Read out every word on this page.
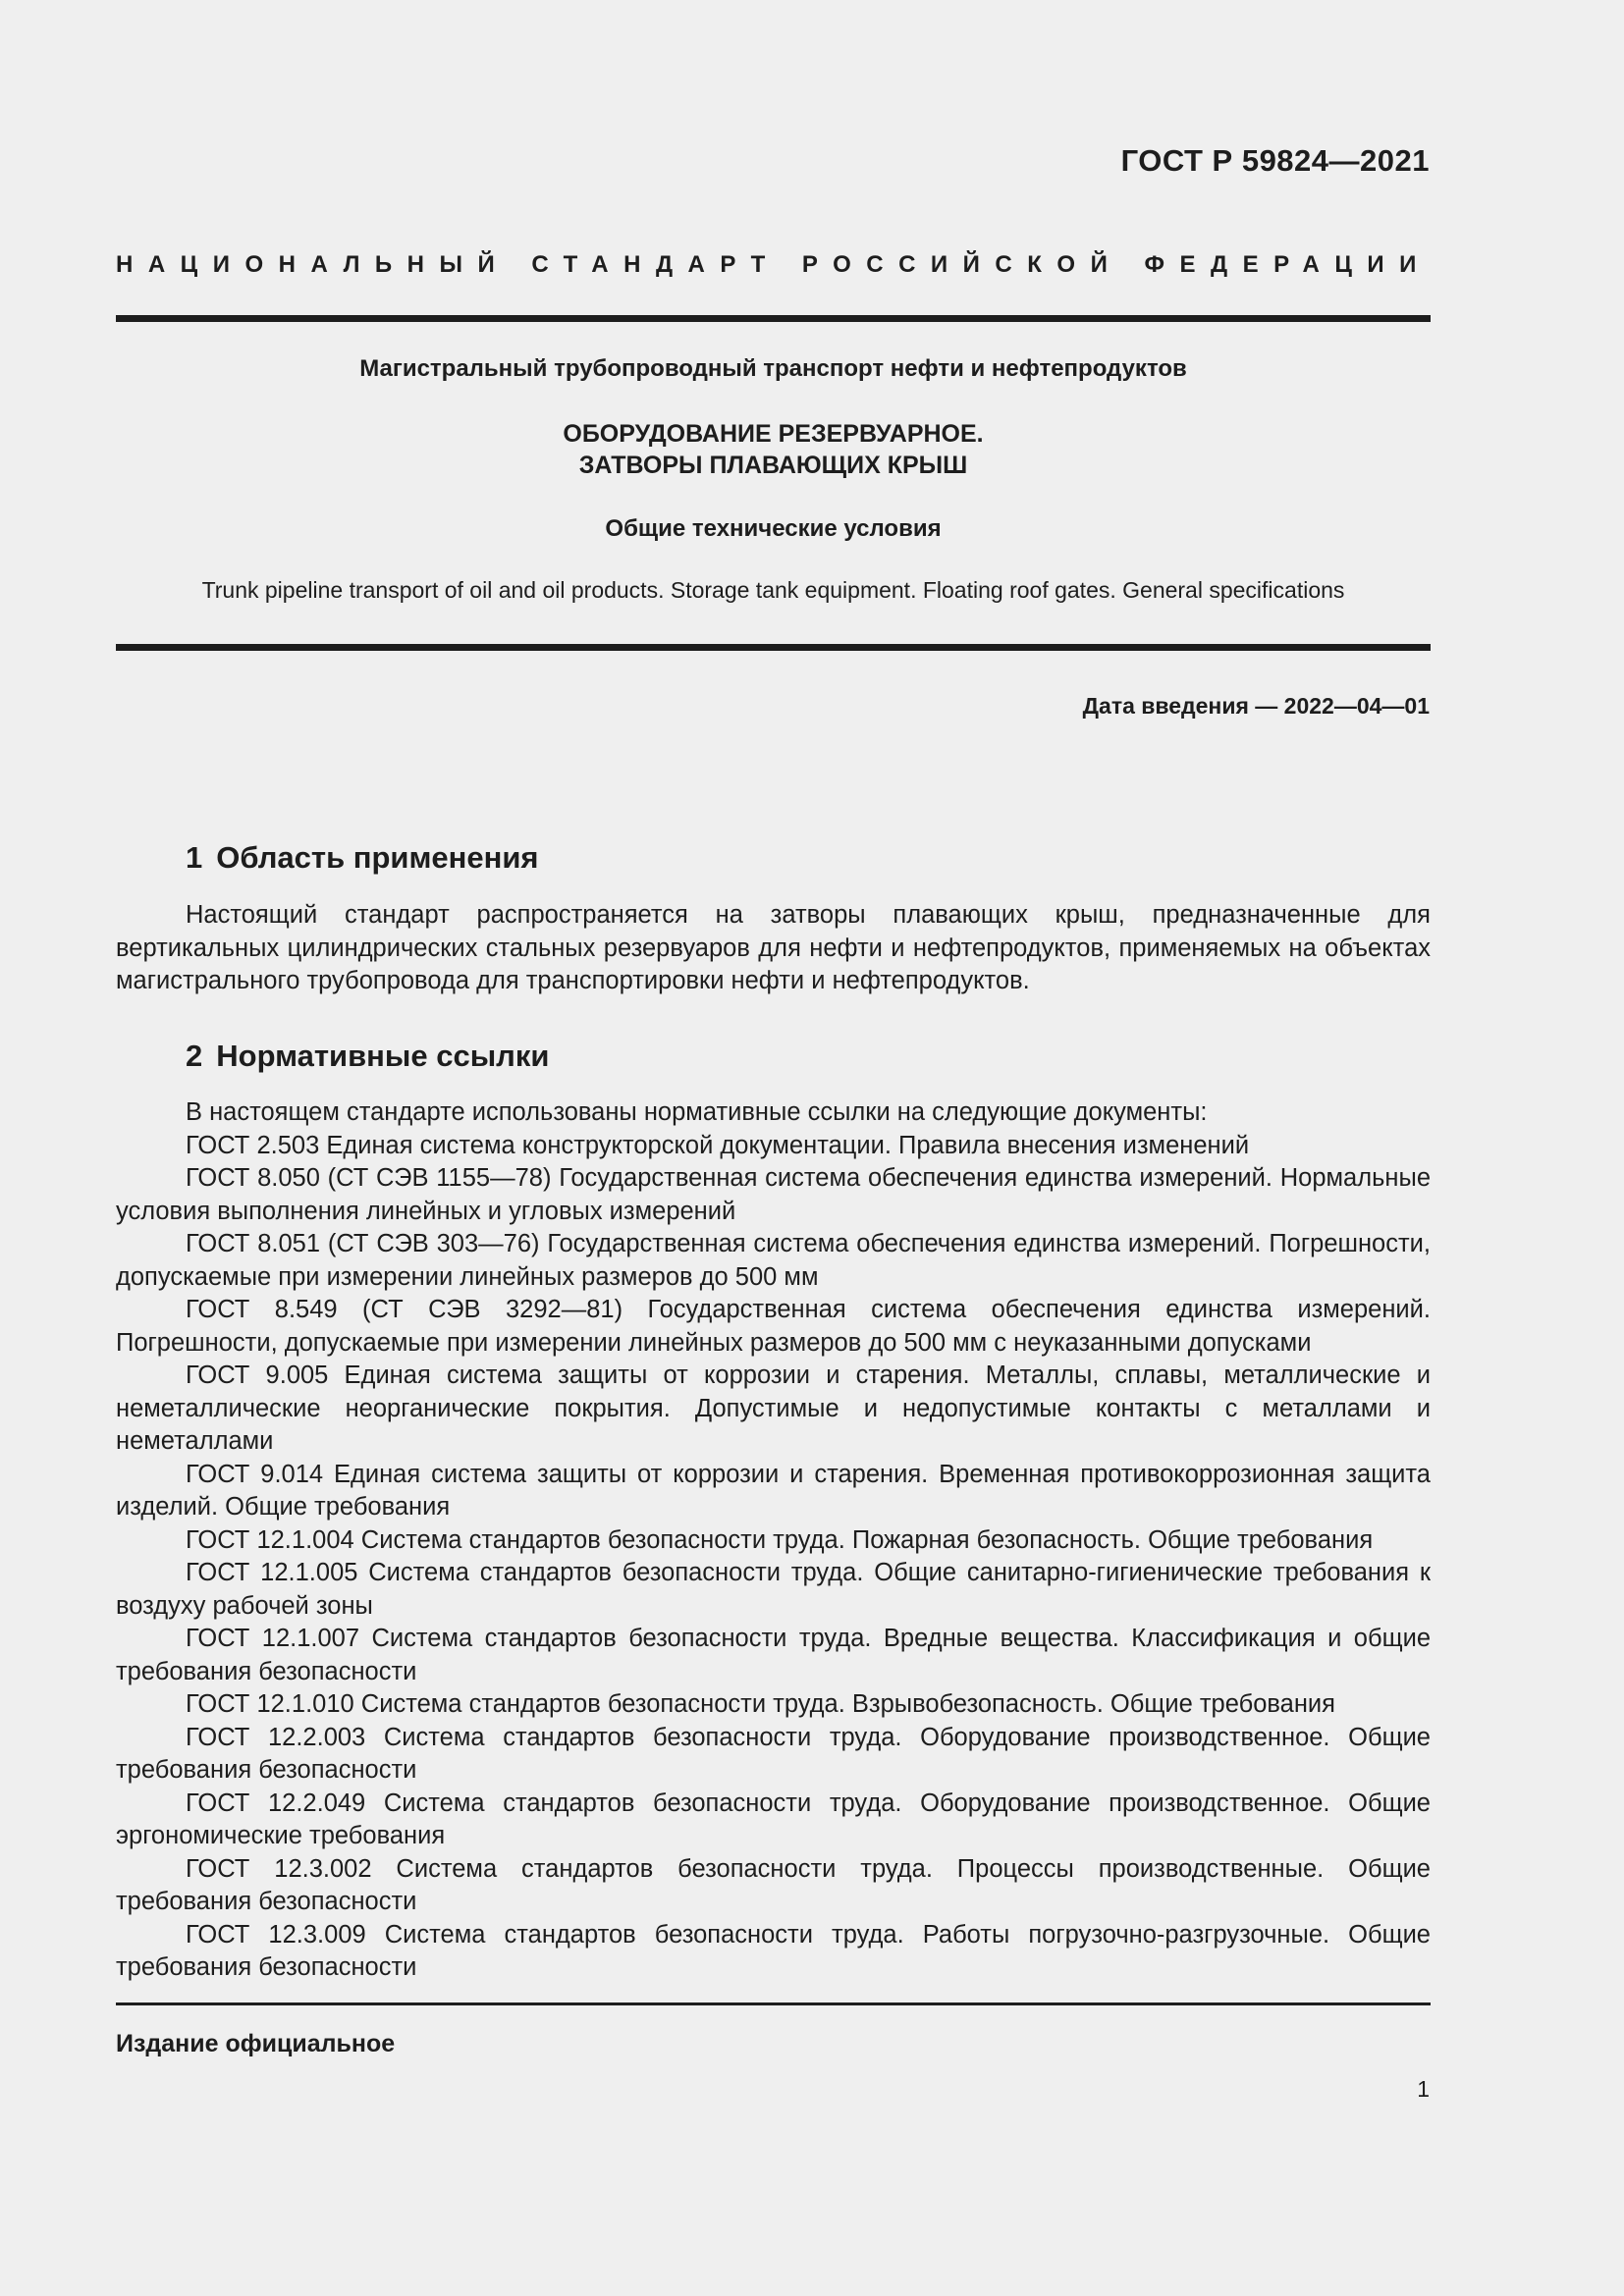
ГОСТ Р 59824—2021
НАЦИОНАЛЬНЫЙ СТАНДАРТ РОССИЙСКОЙ ФЕДЕРАЦИИ
Магистральный трубопроводный транспорт нефти и нефтепродуктов
ОБОРУДОВАНИЕ РЕЗЕРВУАРНОЕ.
ЗАТВОРЫ ПЛАВАЮЩИХ КРЫШ
Общие технические условия
Trunk pipeline transport of oil and oil products. Storage tank equipment. Floating roof gates. General specifications
Дата введения — 2022—04—01
1 Область применения

Настоящий стандарт распространяется на затворы плавающих крыш, предназначенные для вертикальных цилиндрических стальных резервуаров для нефти и нефтепродуктов, применяемых на объектах магистрального трубопровода для транспортировки нефти и нефтепродуктов.

2 Нормативные ссылки

В настоящем стандарте использованы нормативные ссылки на следующие документы:

ГОСТ 2.503 Единая система конструкторской документации. Правила внесения изменений

ГОСТ 8.050 (СТ СЭВ 1155—78) Государственная система обеспечения единства измерений. Нормальные условия выполнения линейных и угловых измерений

ГОСТ 8.051 (СТ СЭВ 303—76) Государственная система обеспечения единства измерений. Погрешности, допускаемые при измерении линейных размеров до 500 мм

ГОСТ 8.549 (СТ СЭВ 3292—81) Государственная система обеспечения единства измерений. Погрешности, допускаемые при измерении линейных размеров до 500 мм с неуказанными допусками

ГОСТ 9.005 Единая система защиты от коррозии и старения. Металлы, сплавы, металлические и неметаллические неорганические покрытия. Допустимые и недопустимые контакты с металлами и неметаллами

ГОСТ 9.014 Единая система защиты от коррозии и старения. Временная противокоррозионная защита изделий. Общие требования

ГОСТ 12.1.004 Система стандартов безопасности труда. Пожарная безопасность. Общие требования

ГОСТ 12.1.005 Система стандартов безопасности труда. Общие санитарно-гигиенические требования к воздуху рабочей зоны

ГОСТ 12.1.007 Система стандартов безопасности труда. Вредные вещества. Классификация и общие требования безопасности

ГОСТ 12.1.010 Система стандартов безопасности труда. Взрывобезопасность. Общие требования

ГОСТ 12.2.003 Система стандартов безопасности труда. Оборудование производственное. Общие требования безопасности

ГОСТ 12.2.049 Система стандартов безопасности труда. Оборудование производственное. Общие эргономические требования

ГОСТ 12.3.002 Система стандартов безопасности труда. Процессы производственные. Общие требования безопасности

ГОСТ 12.3.009 Система стандартов безопасности труда. Работы погрузочно-разгрузочные. Общие требования безопасности

Издание официальное
1
